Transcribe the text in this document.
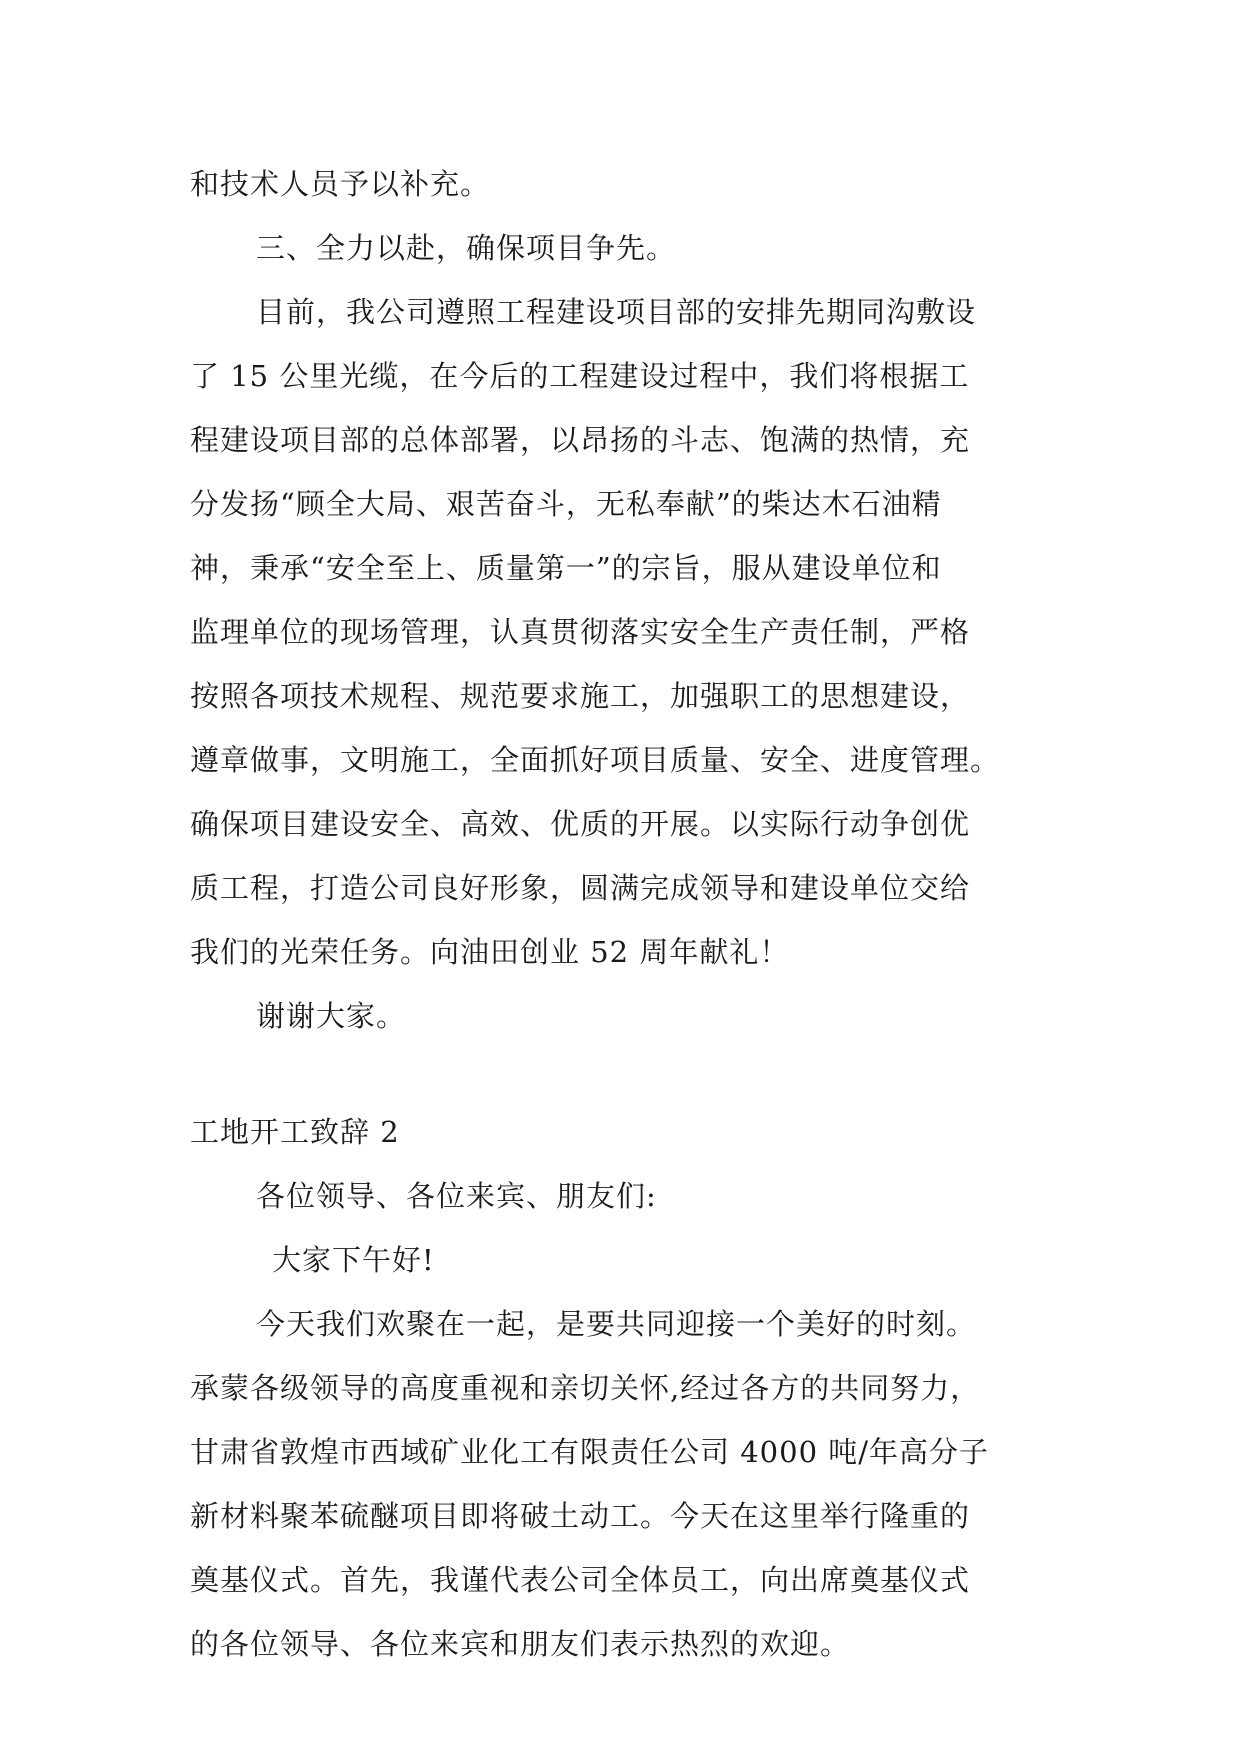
和技术人员予以补充。
三、全力以赴，确保项目争先。
目前，我公司遵照工程建设项目部的安排先期同沟敷设
了 15 公里光缆，在今后的工程建设过程中，我们将根据工
程建设项目部的总体部署，以昂扬的斗志、饱满的热情，充
分发扬“顾全大局、艰苦奋斗，无私奉献”的柴达木石油精
神，秉承“安全至上、质量第一”的宗旨，服从建设单位和
监理单位的现场管理，认真贯彻落实安全生产责任制，严格
按照各项技术规程、规范要求施工，加强职工的思想建设，
遵章做事，文明施工，全面抓好项目质量、安全、进度管理。
确保项目建设安全、高效、优质的开展。以实际行动争创优
质工程，打造公司良好形象，圆满完成领导和建设单位交给
我们的光荣任务。向油田创业 52 周年献礼！
谢谢大家。
工地开工致辞 2
各位领导、各位来宾、朋友们:
大家下午好!
今天我们欢聚在一起，是要共同迎接一个美好的时刻。
承蒙各级领导的高度重视和亲切关怀,经过各方的共同努力，
甘肃省敦煌市西域矿业化工有限责任公司 4000 吨/年高分子
新材料聚苯硫醚项目即将破土动工。今天在这里举行隆重的
奠基仪式。首先，我谨代表公司全体员工，向出席奠基仪式
的各位领导、各位来宾和朋友们表示热烈的欢迎。
